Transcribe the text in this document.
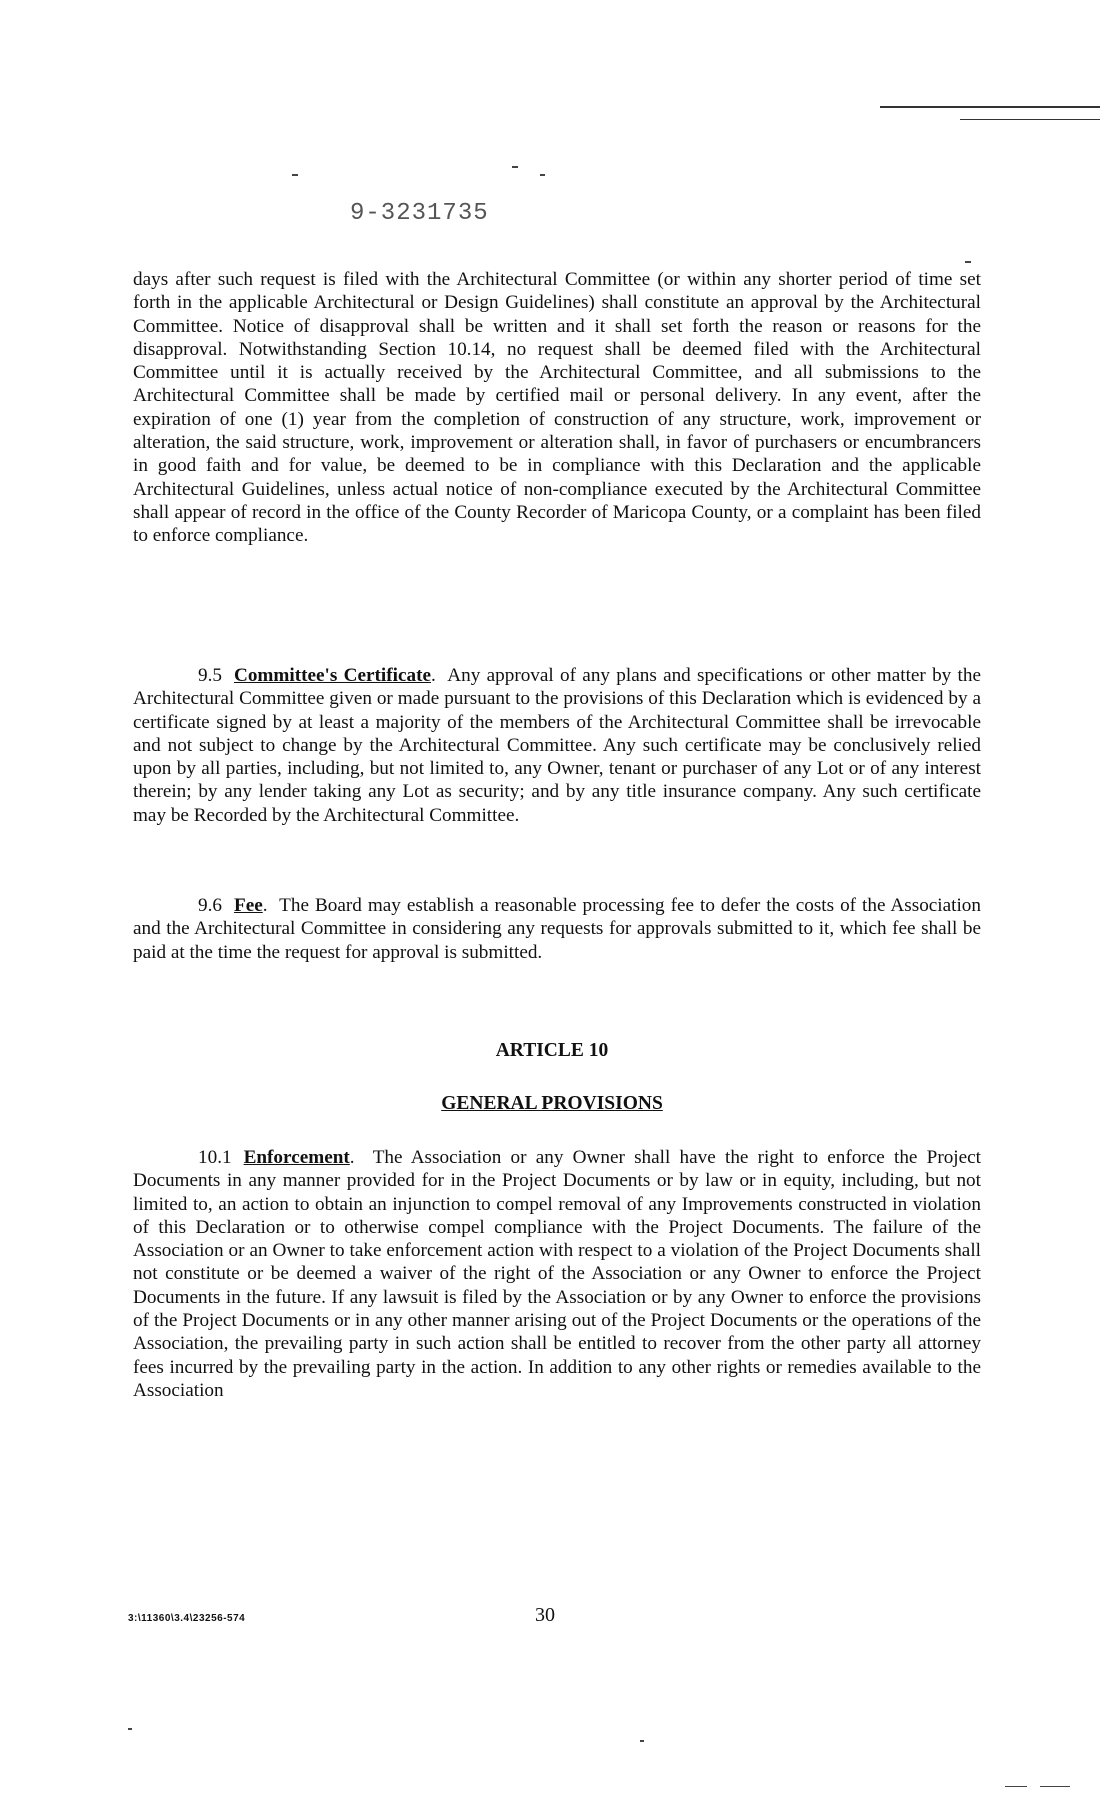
9-3231735

days after such request is filed with the Architectural Committee (or within any shorter period of time set forth in the applicable Architectural or Design Guidelines) shall constitute an approval by the Architectural Committee. Notice of disapproval shall be written and it shall set forth the reason or reasons for the disapproval. Notwithstanding Section 10.14, no request shall be deemed filed with the Architectural Committee until it is actually received by the Architectural Committee, and all submissions to the Architectural Committee shall be made by certified mail or personal delivery. In any event, after the expiration of one (1) year from the completion of construction of any structure, work, improvement or alteration, the said structure, work, improvement or alteration shall, in favor of purchasers or encumbrancers in good faith and for value, be deemed to be in compliance with this Declaration and the applicable Architectural Guidelines, unless actual notice of non-compliance executed by the Architectural Committee shall appear of record in the office of the County Recorder of Maricopa County, or a complaint has been filed to enforce compliance.

9.5 Committee's Certificate.  Any approval of any plans and specifications or other matter by the Architectural Committee given or made pursuant to the provisions of this Declaration which is evidenced by a certificate signed by at least a majority of the members of the Architectural Committee shall be irrevocable and not subject to change by the Architectural Committee. Any such certificate may be conclusively relied upon by all parties, including, but not limited to, any Owner, tenant or purchaser of any Lot or of any interest therein; by any lender taking any Lot as security; and by any title insurance company. Any such certificate may be Recorded by the Architectural Committee.

9.6 Fee.  The Board may establish a reasonable processing fee to defer the costs of the Association and the Architectural Committee in considering any requests for approvals submitted to it, which fee shall be paid at the time the request for approval is submitted.

ARTICLE 10
GENERAL PROVISIONS

10.1 Enforcement.  The Association or any Owner shall have the right to enforce the Project Documents in any manner provided for in the Project Documents or by law or in equity, including, but not limited to, an action to obtain an injunction to compel removal of any Improvements constructed in violation of this Declaration or to otherwise compel compliance with the Project Documents. The failure of the Association or an Owner to take enforcement action with respect to a violation of the Project Documents shall not constitute or be deemed a waiver of the right of the Association or any Owner to enforce the Project Documents in the future. If any lawsuit is filed by the Association or by any Owner to enforce the provisions of the Project Documents or in any other manner arising out of the Project Documents or the operations of the Association, the prevailing party in such action shall be entitled to recover from the other party all attorney fees incurred by the prevailing party in the action. In addition to any other rights or remedies available to the Association

3:\11360\3.4\23256-574	30
